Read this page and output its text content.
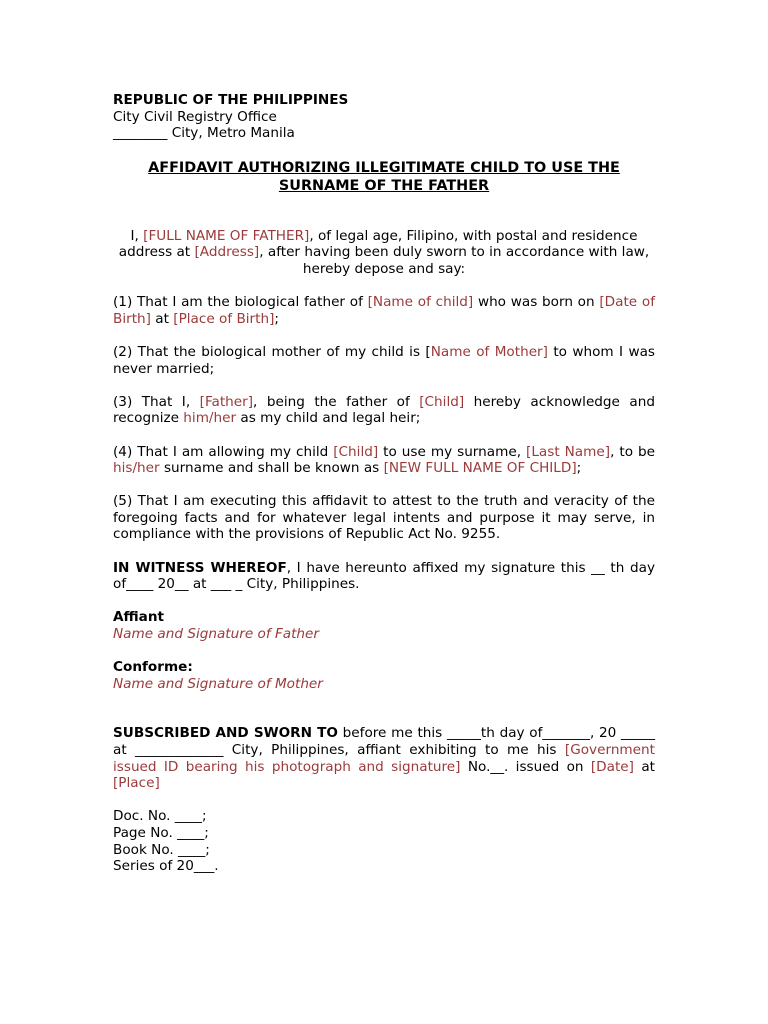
REPUBLIC OF THE PHILIPPINES
City Civil Registry Office
________ City, Metro Manila
AFFIDAVIT AUTHORIZING ILLEGITIMATE CHILD TO USE THE SURNAME OF THE FATHER
I, [FULL NAME OF FATHER], of legal age, Filipino, with postal and residence address at [Address], after having been duly sworn to in accordance with law, hereby depose and say:

(1) That I am the biological father of [Name of child] who was born on [Date of Birth] at [Place of Birth];

(2) That the biological mother of my child is [Name of Mother] to whom I was never married;

(3) That I, [Father], being the father of [Child] hereby acknowledge and recognize him/her as my child and legal heir;

(4) That I am allowing my child [Child] to use my surname, [Last Name], to be his/her surname and shall be known as [NEW FULL NAME OF CHILD];

(5) That I am executing this affidavit to attest to the truth and veracity of the foregoing facts and for whatever legal intents and purpose it may serve, in compliance with the provisions of Republic Act No. 9255.

IN WITNESS WHEREOF, I have hereunto affixed my signature this __ th day of____ 20__ at ___ _ City, Philippines.

Affiant
Name and Signature of Father
Conforme:
Name and Signature of Mother
SUBSCRIBED AND SWORN TO before me this _____th day of_______, 20 _____ at _____________ City, Philippines, affiant exhibiting to me his [Government issued ID bearing his photograph and signature] No.__. issued on [Date] at [Place]
Doc. No. ____;
Page No. ____;
Book No. ____;
Series of 20___.
